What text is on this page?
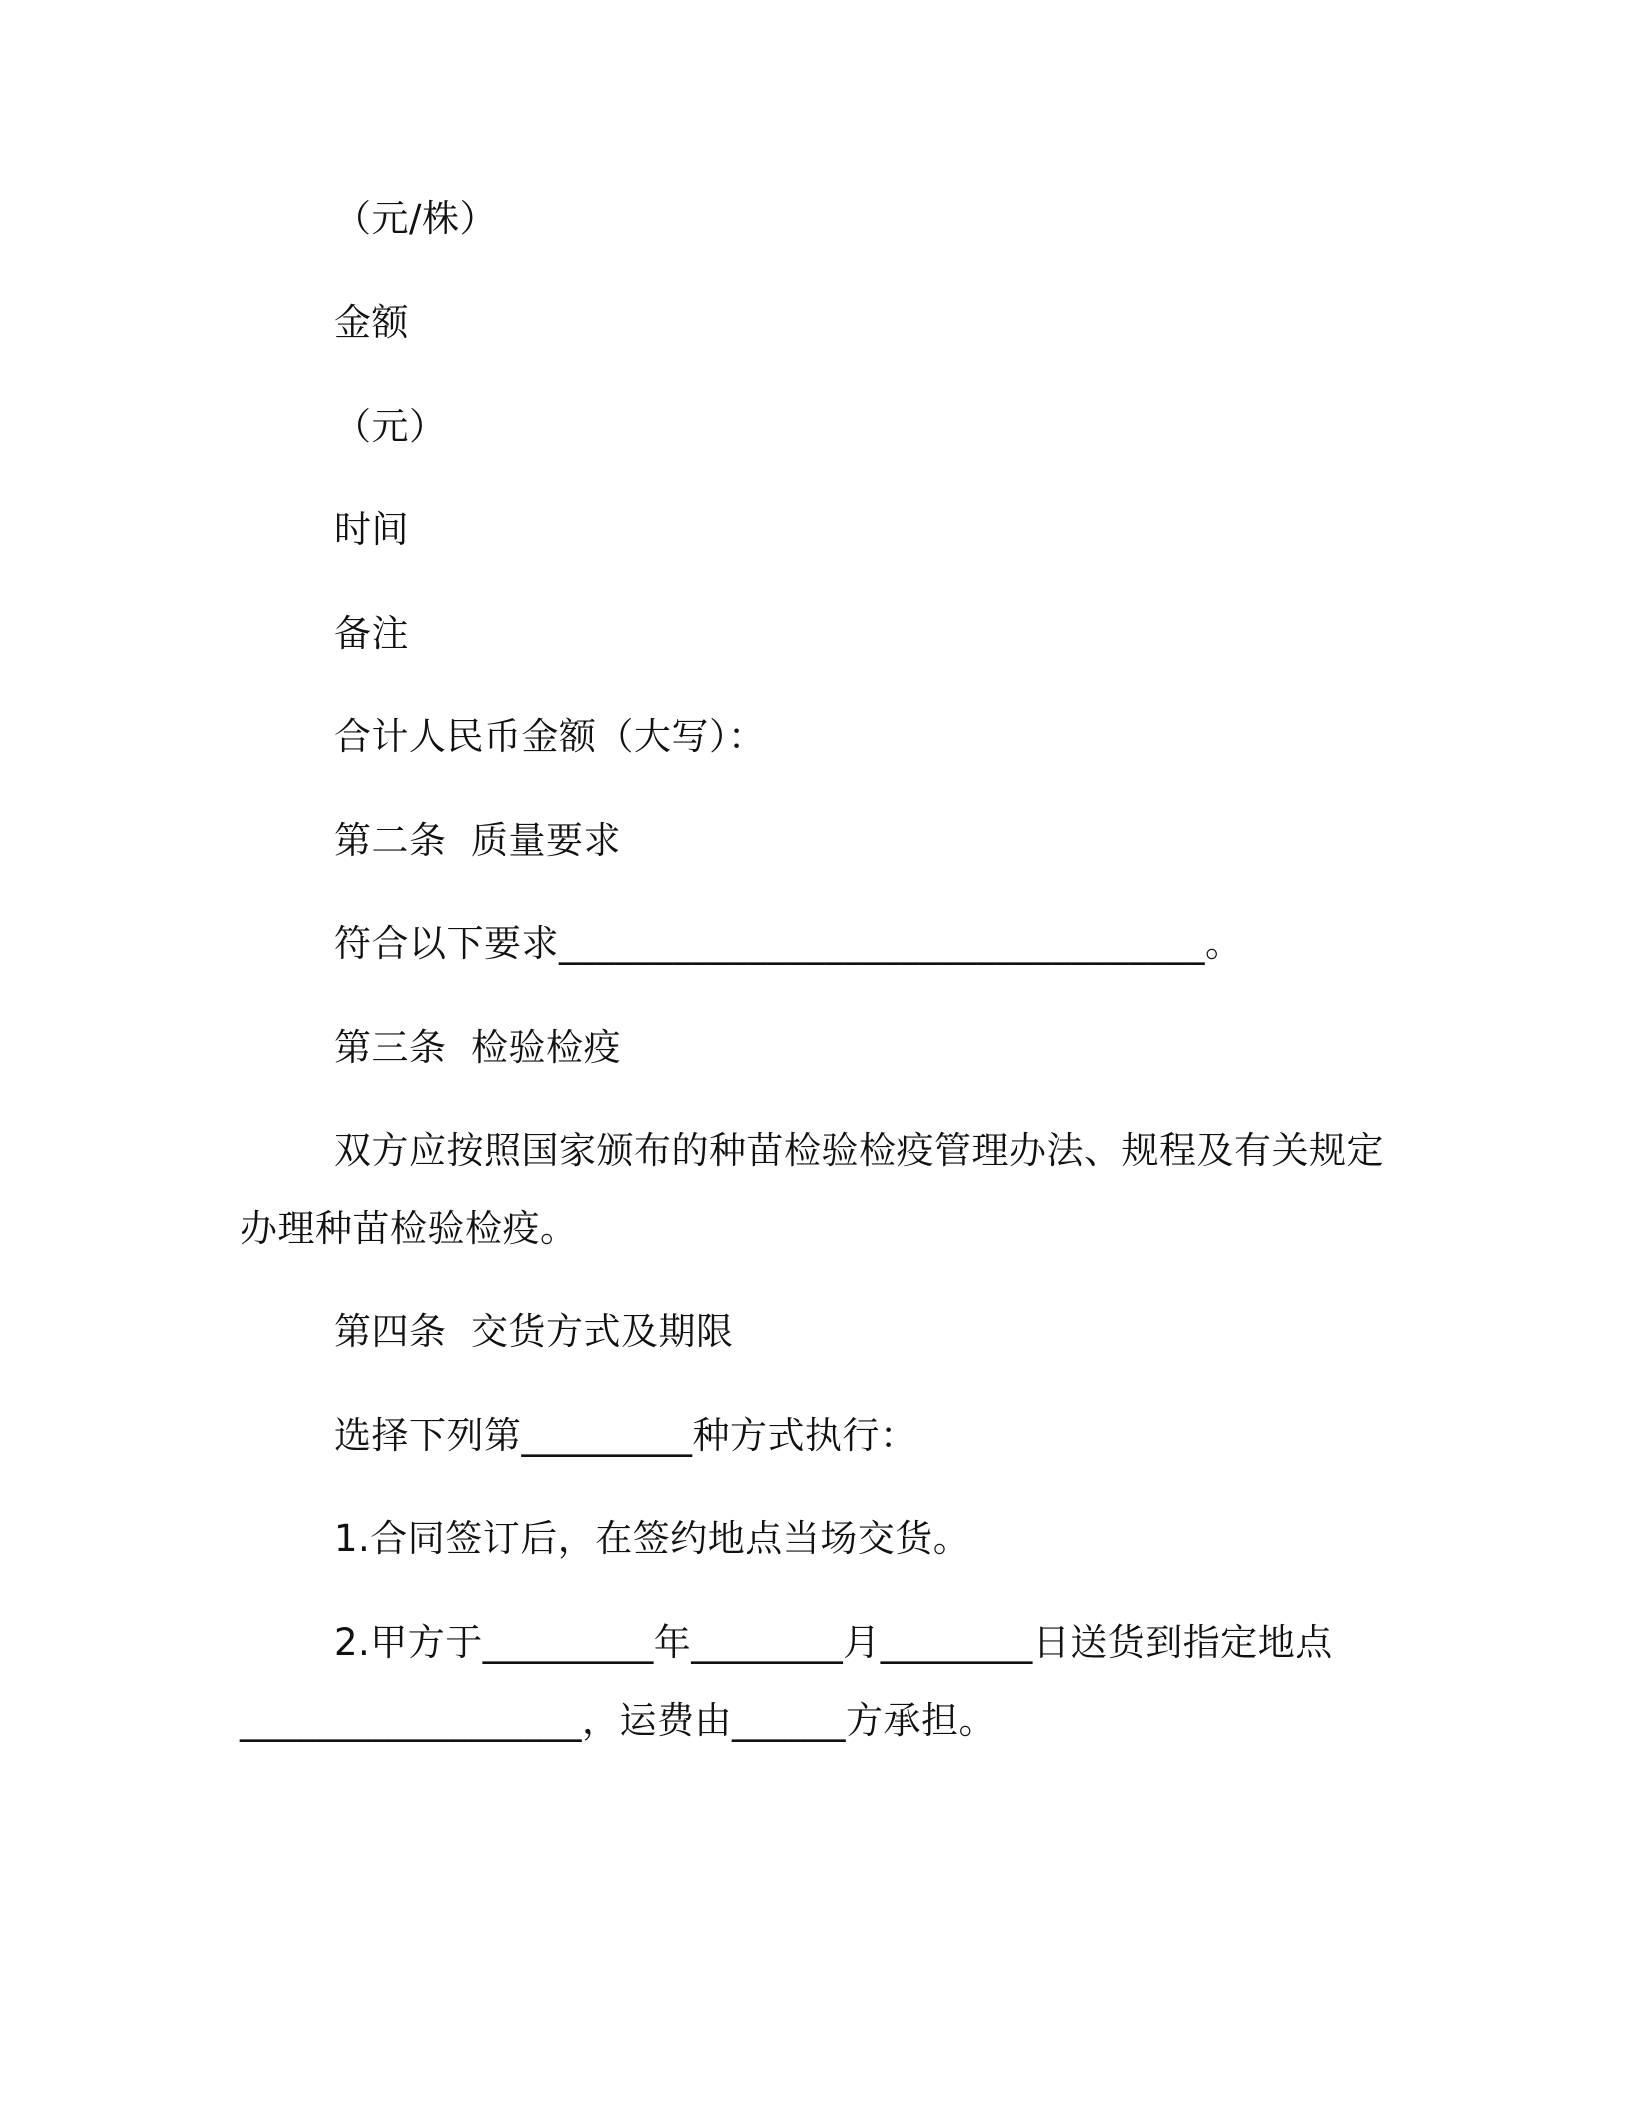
（元/株）
金额
（元）
时间
备注
合计人民币金额（大写）：
第二条  质量要求
符合以下要求__________________________________。
第三条  检验检疫
双方应按照国家颁布的种苗检验检疫管理办法、规程及有关规定
办理种苗检验检疫。
第四条  交货方式及期限
选择下列第_________种方式执行：
1.合同签订后，在签约地点当场交货。
2.甲方于_________年________月________日送货到指定地点
__________________，运费由______方承担。
